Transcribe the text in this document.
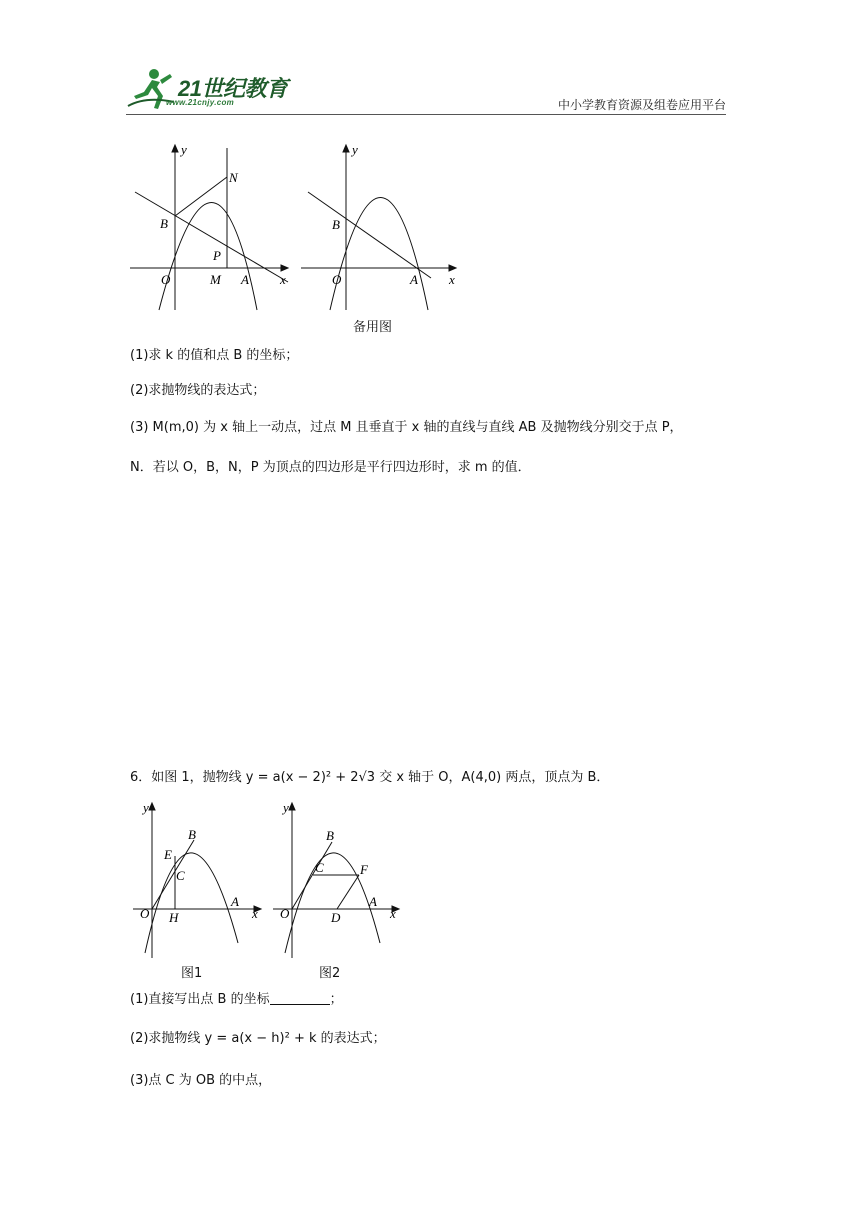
21世纪教育
www.21cnjy.com	中小学教育资源及组卷应用平台
y
x
O
B
N
P
M A
y
x
O
B
A
备用图
(1)求 k 的值和点 B 的坐标；
(2)求抛物线的表达式；
(3) M(m,0) 为 x 轴上一动点，过点 M 且垂直于 x 轴的直线与直线 AB 及抛物线分别交于点 P，
N．若以 O，B，N，P 为顶点的四边形是平行四边形时，求 m 的值．
6．如图 1，抛物线 y = a(x − 2)² + 2√3 交 x 轴于 O，A(4,0) 两点，顶点为 B．
y
x
O
B
E
C
H
A
图1
y
x
O
B
C	F
D
A
图2
(1)直接写出点 B 的坐标	；
(2)求抛物线 y = a(x − h)² + k 的表达式；
(3)点 C 为 OB 的中点，
